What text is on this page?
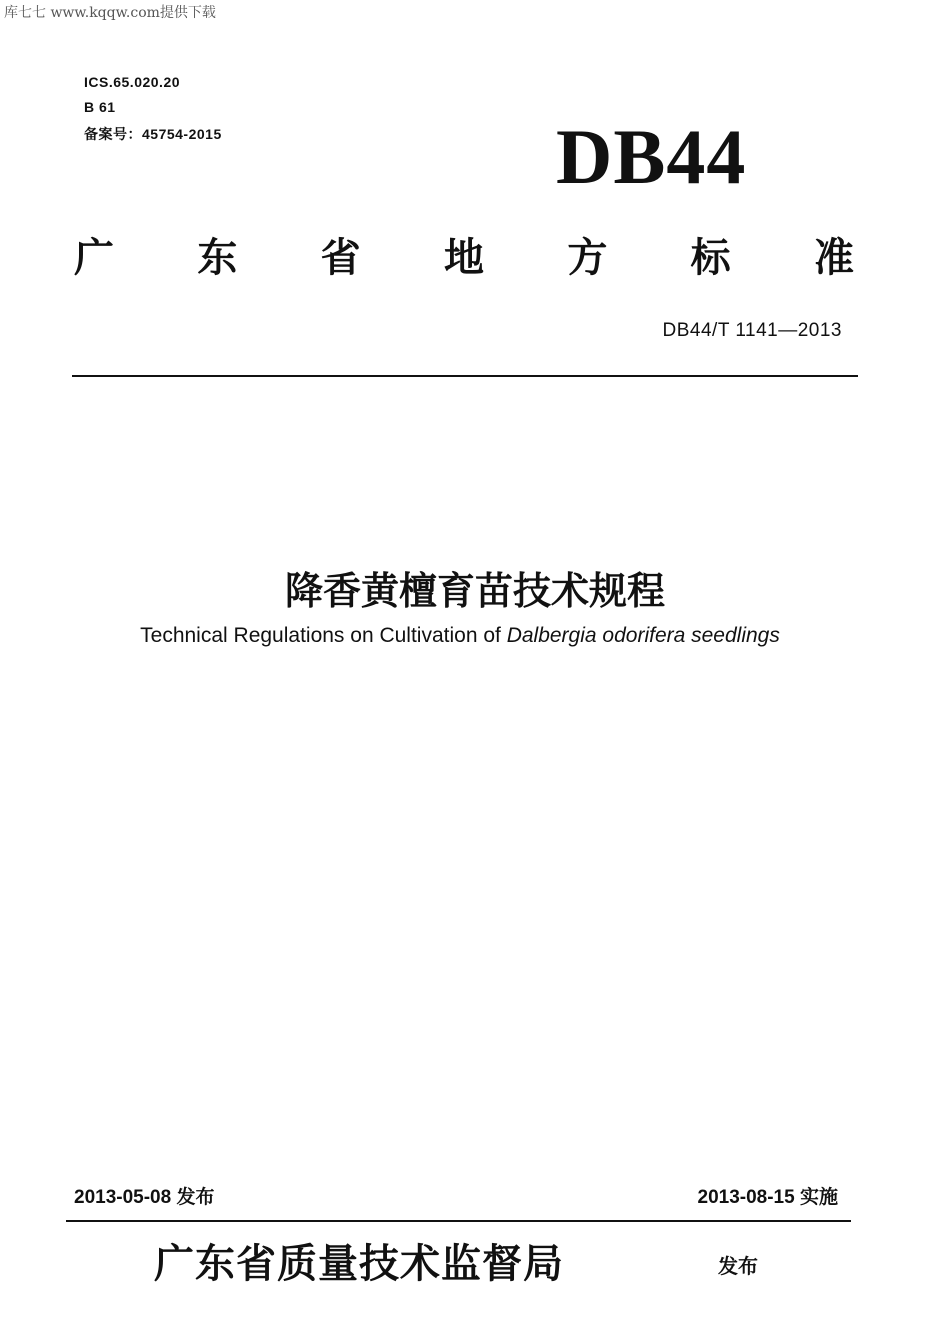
库七七 www.kqqw.com提供下载
ICS.65.020.20
B 61
备案号：45754-2015	DB44
广 东 省 地 方 标 准
DB44/T 1141—2013
降香黄檀育苗技术规程
Technical Regulations on Cultivation of Dalbergia odorifera seedlings
2013-05-08 发布	2013-08-15 实施
广东省质量技术监督局	发布
